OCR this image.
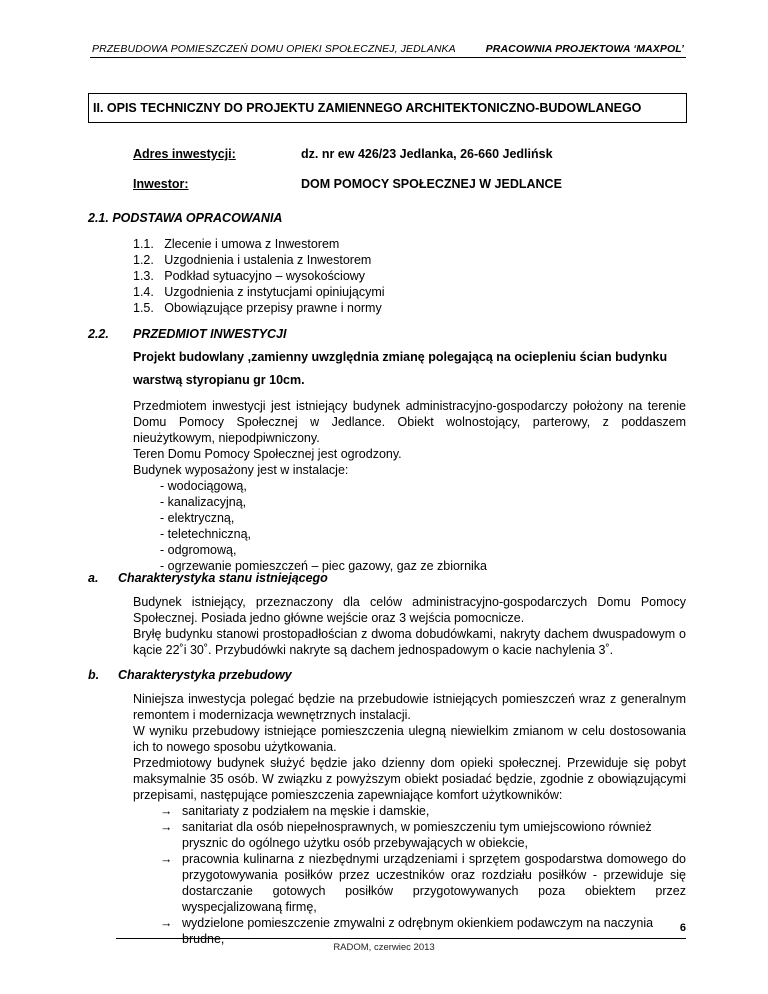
PRZEBUDOWA POMIESZCZEŃ DOMU OPIEKI SPOŁECZNEJ, JEDLANKA	PRACOWNIA PROJEKTOWA ‘MAXPOL’
II. OPIS TECHNICZNY DO PROJEKTU ZAMIENNEGO ARCHITEKTONICZNO-BUDOWLANEGO
Adres inwestycji:	dz. nr ew 426/23 Jedlanka, 26-660 Jedlińsk
Inwestor:	DOM POMOCY SPOŁECZNEJ W JEDLANCE
2.1. PODSTAWA OPRACOWANIA
1.1.   Zlecenie i umowa z Inwestorem
1.2.   Uzgodnienia i ustalenia z Inwestorem
1.3.   Podkład sytuacyjno – wysokościowy
1.4.   Uzgodnienia z instytucjami opiniującymi
1.5.   Obowiązujące przepisy prawne i normy
2.2. PRZEDMIOT INWESTYCJI
Projekt budowlany ,zamienny uwzględnia zmianę polegającą na ociepleniu ścian budynku
warstwą styropianu gr 10cm.
Przedmiotem inwestycji jest istniejący budynek administracyjno-gospodarczy położony na terenie Domu Pomocy Społecznej w Jedlance. Obiekt wolnostojący, parterowy, z poddaszem nieużytkowym, niepodpiwniczony.
Teren Domu Pomocy Społecznej jest ogrodzony.
Budynek wyposażony jest w instalacje:
- wodociągową,
- kanalizacyjną,
- elektryczną,
- teletechniczną,
- odgromową,
- ogrzewanie pomieszczeń – piec gazowy, gaz ze zbiornika
a. Charakterystyka stanu istniejącego
Budynek istniejący, przeznaczony dla celów administracyjno-gospodarczych Domu Pomocy Społecznej. Posiada jedno główne wejście oraz 3 wejścia pomocnicze.
Bryłę budynku stanowi prostopadłościan z dwoma dobudówkami, nakryty dachem dwuspadowym o kącie 22˚i 30˚. Przybudówki nakryte są dachem jednospadowym o kacie nachylenia 3˚.
b. Charakterystyka przebudowy
Niniejsza inwestycja polegać będzie na przebudowie istniejących pomieszczeń wraz z generalnym remontem i modernizacja wewnętrznych instalacji.
W wyniku przebudowy istniejące pomieszczenia ulegną niewielkim zmianom w celu dostosowania ich to nowego sposobu użytkowania.
Przedmiotowy budynek służyć będzie jako dzienny dom opieki społecznej. Przewiduje się pobyt maksymalnie 35 osób. W związku z powyższym obiekt posiadać będzie, zgodnie z obowiązującymi przepisami, następujące pomieszczenia zapewniające komfort użytkowników:
→ sanitariaty z podziałem na męskie i damskie,
→ sanitariat dla osób niepełnosprawnych, w pomieszczeniu tym umiejscowiono również prysznic do ogólnego użytku osób przebywających w obiekcie,
→ pracownia kulinarna z niezbędnymi urządzeniami i sprzętem gospodarstwa domowego do przygotowywania posiłków przez uczestników oraz rozdziału posiłków - przewiduje się dostarczanie gotowych posiłków przygotowywanych poza obiektem przez wyspecjalizowaną firmę,
→ wydzielone pomieszczenie zmywalni z odrębnym okienkiem podawczym na naczynia brudne,
6
RADOM, czerwiec 2013
